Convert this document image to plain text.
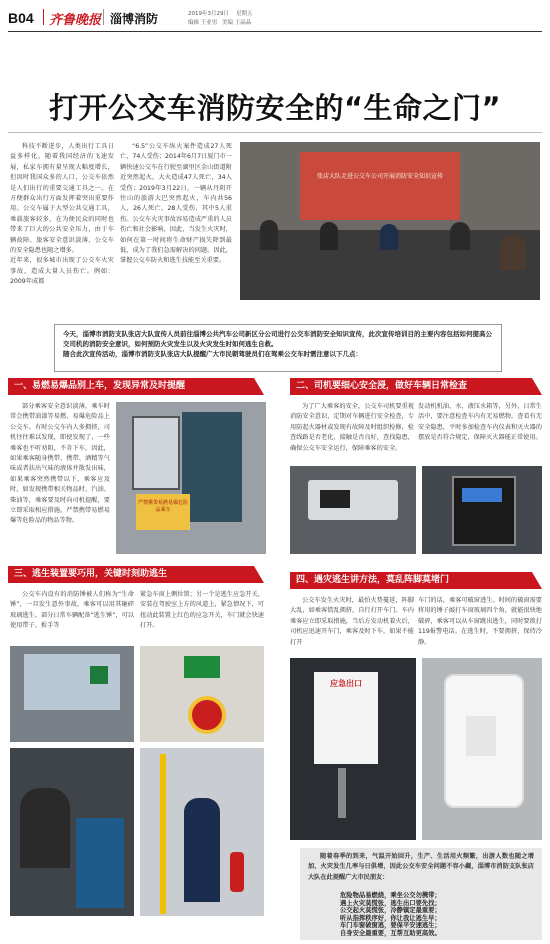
B04 齐鲁晚报 淄博消防	2019年3月29日 星期五
编辑 王亚男 美编 王晶晶
打开公交车消防安全的“生命之门”
科技不断进步，人类出行工具日益多样化，随着我国经济的飞速发展，私家车拥有量呈现大幅度增长，但因时我国众多的人口，公交车依然是人们出行的重要交通工具之一。在方便群众出行方面发挥着突出重要作用。公交车属于大型公共交通工具，乘载旅客较多，在为便民众的同时也带来了巨大的公共安全压力，由于车辆故障、旅客安全意识淡薄、公交车的安全隐患也随之增多。
近年来，很多城市出现了公交车火灾事故，造成大量人员伤亡。例如：2009年成都
“6.5”公交车纵火案件造成27人死亡，74人受伤；2014年6月7日厦门市一辆快速公交车在行驶至湖里区金山街道附近突然起火，大火造成47人死亡，34人受伤；2019年3月22日，一辆从丹阴开往山的旅游大巴突然起火，车内共56人，26人死亡，28人受伤，其中5人重伤。公交车火灾事故容易造成严重的人员伤亡和社会影响，因此，当发生火灾时，如何在第一时间将生命财产损失降到最低，成为了我们急需解决的问题。因此，掌握公交车防火和逃生技能至关重要。
张店大队走进公交车公司开展消防安全知识宣传
今天，淄博市消防支队张店大队宣传人员前往淄博公共汽车公司新区分公司进行公交车消防安全知识宣传，此次宣传培训目的主要内容包括如何提高公交司机的消防安全意识，如何预防火灾发生以及火灾发生时如何逃生自救。
随合此次宣传活动，淄博市消防支队张店大队提醒广大市民朝驾驶员们在驾乘公交车时需注意以下几点：
一、易燃易爆品别上车，发现异常及时提醒
部分乘客安全意识淡薄，乘车时常会携带油漆等易燃、易爆危险品上公交车。有时公交车内人多拥挤，司机往往难以发现，即使发现了，一些乘客也不听劝阻，不肯下车，因此，如果乘客随身携带、携带、酒精等气味或者扶出气味的液体并散发出味，如果乘客突然携带以下、乘客应及时，如发现携带相关物品时、汽油、柴油等，乘客要及时向司机提醒，要立即采取相应措施。严禁携带易燃易爆等危险品的物品等物。
严禁携带易燃易爆危险品乘车
二、司机要细心安全浸，做好车辆日常检查
为了广大乘客的安全，公交车司机要重视消防安全意识，定期对车辆进行安全检查，专用防起火器材或发现有故障及时组织检修，检查线路是否老化、接触是否良好，查找隐患，确保公交车安全运行，保障乘客的安全。
发动机机油、水，液压水箱等，另外，日常生活中，要注意检查车内有无易燃物，查看有无安全隐患，平时多加检查车内仪表和灭火器的摆放是否符合规定，保障灭火器能正常使用。
三、逃生装置要巧用，关键时刻助逃生
公交车内设有的消防锤被人们称为“生命锤”，一旦发生意外事故，乘客可以用其砸碎玻璃逃生。部分日常车辆配备“逃生锤”，可以使用带子、扳手等
紧急车窗上侧位置；另一个是逃生应急开关，安装在驾驶室上方的风道上，紧急情况下，可扭动此装置上红色的应急开关，车门就会快速打开。
四、遇灾逃生讲方法，莫乱阵脚莫堵门
公交车发生火灾时，最怕火势蔓延，阵脚大乱，如乘客慌乱拥挤，自行打开车门。车内乘客应立即采取措施，当后方发动机着火后，司机应迅速开车门，乘客及时下车，如果不能打开
车门的话，乘客可破窗逃生。时间的破窗需要将用的锤子敲打车窗玻璃四个角，就能很快地破碎，乘客可以从车窗跳出逃生，同时要拨打119报警电话。在逃生时，不要拥挤，保持冷静。
应急出口
随着春季的到来，气温开始回升，生产、生活用火频繁，出游人数也随之增加，火灾发生几率与日俱增，因此公交车安全问题不容小觑，淄博市消防支队张店大队在此提醒广大市民朋友：
危险物品易燃烧，乘坐公交勿携带；
遇上火灾莫慌张，逃生出口要先找；
公交起火莫慌张，冷静镇定最重要；
听从指挥秩序好，你让我让逃生早；
车门车窗破窗逃，要保平安速逃生；
自身安全最重要，互帮互助更高效。
